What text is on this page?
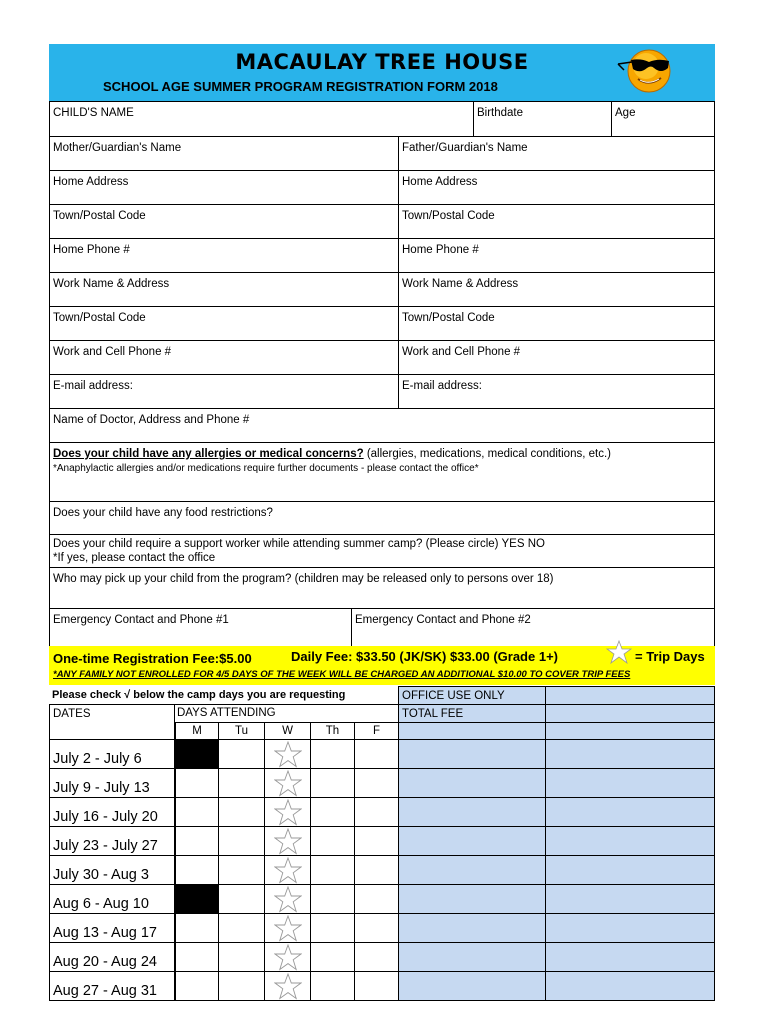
MACAULAY TREE HOUSE
SCHOOL AGE SUMMER PROGRAM REGISTRATION FORM 2018
CHILD'S NAME	Birthdate	Age
Mother/Guardian's Name	Father/Guardian's Name
Home Address	Home Address
Town/Postal Code	Town/Postal Code
Home Phone #	Home Phone #
Work Name & Address	Work Name & Address
Town/Postal Code	Town/Postal Code
Work and Cell Phone #	Work and Cell Phone #
E-mail address:	E-mail address:
Name of Doctor, Address and Phone #
Does your child have any allergies or medical concerns? (allergies, medications, medical conditions, etc.)
*Anaphylactic allergies and/or medications require further documents - please contact the office*
Does your child have any food restrictions?
Does your child require a support worker while attending summer camp? (Please circle) YES NO
*If yes, please contact the office
Who may pick up your child from the program? (children may be released only to persons over 18)
Emergency Contact and Phone #1	Emergency Contact and Phone #2
One-time Registration Fee:$5.00	Daily Fee: $33.50 (JK/SK) $33.00 (Grade 1+)	= Trip Days
*ANY FAMILY NOT ENROLLED FOR 4/5 DAYS OF THE WEEK WILL BE CHARGED AN ADDITIONAL $10.00 TO COVER TRIP FEES
Please check √ below the camp days you are requesting	OFFICE USE ONLY
DATES	DAYS ATTENDING	TOTAL FEE
M	Tu	W	Th	F
July 2 - July 6
July 9 - July 13
July 16 - July 20
July 23 - July 27
July 30 - Aug 3
Aug 6 - Aug 10
Aug 13 - Aug 17
Aug 20 - Aug 24
Aug 27 - Aug 31
